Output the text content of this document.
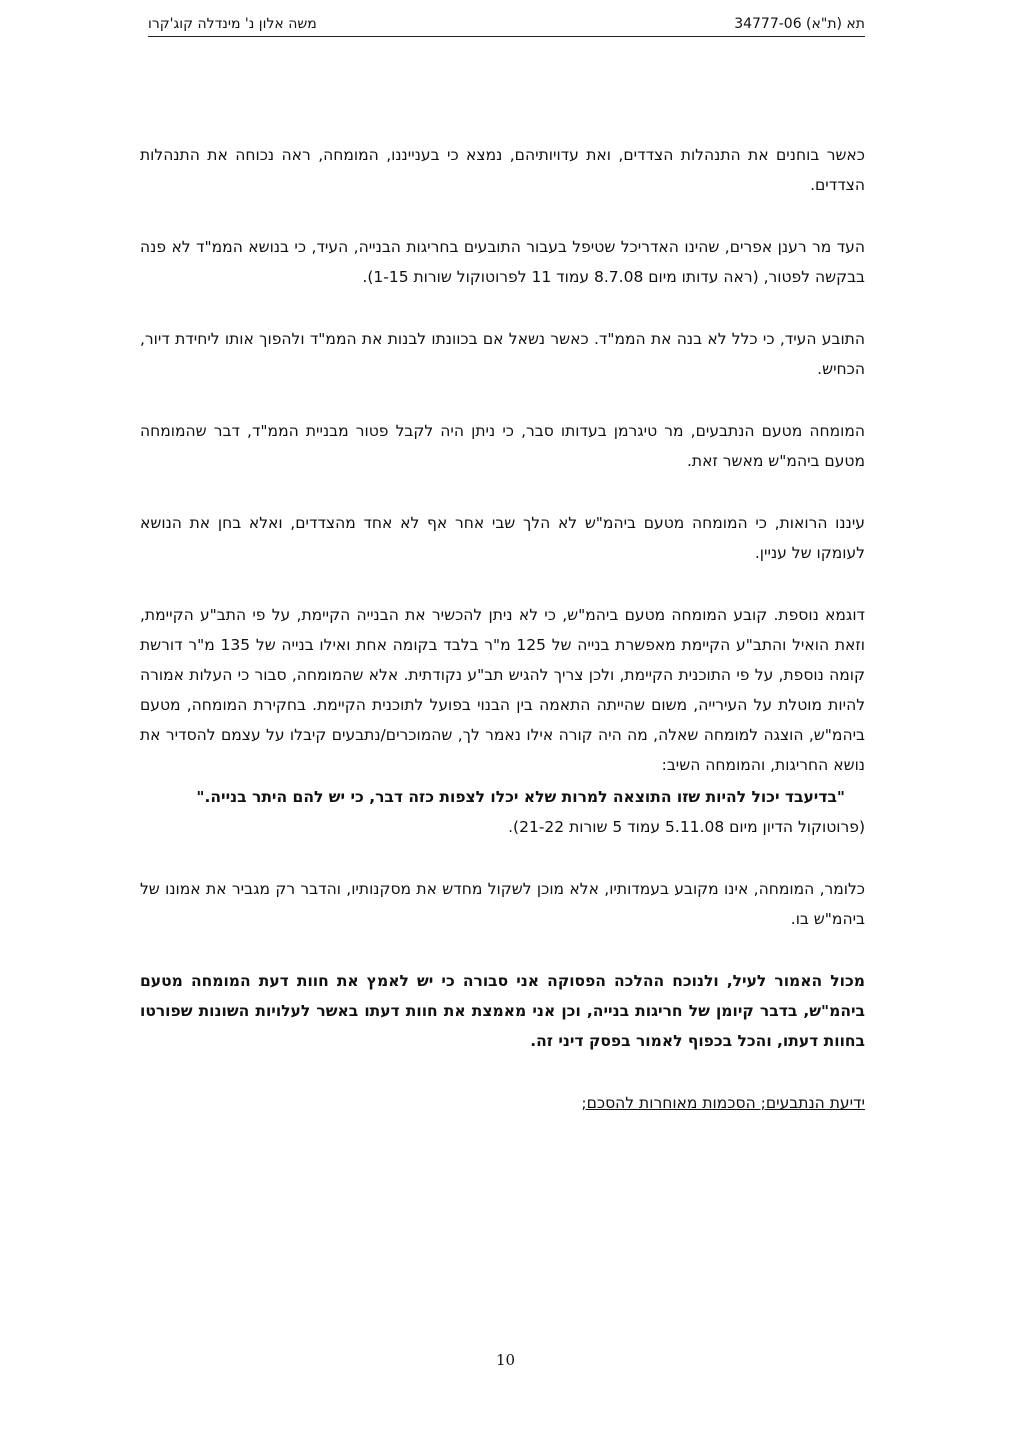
תא (ת"א) 34777-06
משה אלון נ' מינדלה קוג'קרו

כאשר בוחנים את התנהלות הצדדים, ואת עדויותיהם, נמצא כי בענייננו, המומחה, ראה נכוחה את התנהלות הצדדים.

העד מר רענן אפרים, שהינו האדריכל שטיפל בעבור התובעים בחריגות הבנייה, העיד, כי בנושא הממ"ד לא פנה בבקשה לפטור, (ראה עדותו מיום 8.7.08 עמוד 11 לפרוטוקול שורות 1-15).

התובע העיד, כי כלל לא בנה את הממ"ד. כאשר נשאל אם בכוונתו לבנות את הממ"ד ולהפוך אותו ליחידת דיור, הכחיש.

המומחה מטעם הנתבעים, מר טיגרמן בעדותו סבר, כי ניתן היה לקבל פטור מבניית הממ"ד, דבר שהמומחה מטעם ביהמ"ש מאשר זאת.

עיננו הרואות, כי המומחה מטעם ביהמ"ש לא הלך שבי אחר אף לא אחד מהצדדים, ואלא בחן את הנושא לעומקו של עניין.

דוגמא נוספת. קובע המומחה מטעם ביהמ"ש, כי לא ניתן להכשיר את הבנייה הקיימת, על פי התב"ע הקיימת, וזאת הואיל והתב"ע הקיימת מאפשרת בנייה של 125 מ"ר בלבד בקומה אחת ואילו בנייה של 135 מ"ר דורשת קומה נוספת, על פי התוכנית הקיימת, ולכן צריך להגיש תב"ע נקודתית. אלא שהמומחה, סבור כי העלות אמורה להיות מוטלת על העירייה, משום שהייתה התאמה בין הבנוי בפועל לתוכנית הקיימת. בחקירת המומחה, מטעם ביהמ"ש, הוצגה למומחה שאלה, מה היה קורה אילו נאמר לך, שהמוכרים/נתבעים קיבלו על עצמם להסדיר את נושא החריגות, והמומחה השיב:

"בדיעבד יכול להיות שזו התוצאה למרות שלא יכלו לצפות כזה דבר, כי יש להם היתר בנייה."

(פרוטוקול הדיון מיום 5.11.08 עמוד 5 שורות 21-22).

כלומר, המומחה, אינו מקובע בעמדותיו, אלא מוכן לשקול מחדש את מסקנותיו, והדבר רק מגביר את אמונו של ביהמ"ש בו.

מכול האמור לעיל, ולנוכח ההלכה הפסוקה אני סבורה כי יש לאמץ את חוות דעת המומחה מטעם ביהמ"ש, בדבר קיומן של חריגות בנייה, וכן אני מאמצת את חוות דעתו באשר לעלויות השונות שפורטו בחוות דעתו, והכל בכפוף לאמור בפסק דיני זה.

ידיעת הנתבעים; הסכמות מאוחרות להסכם;

10
